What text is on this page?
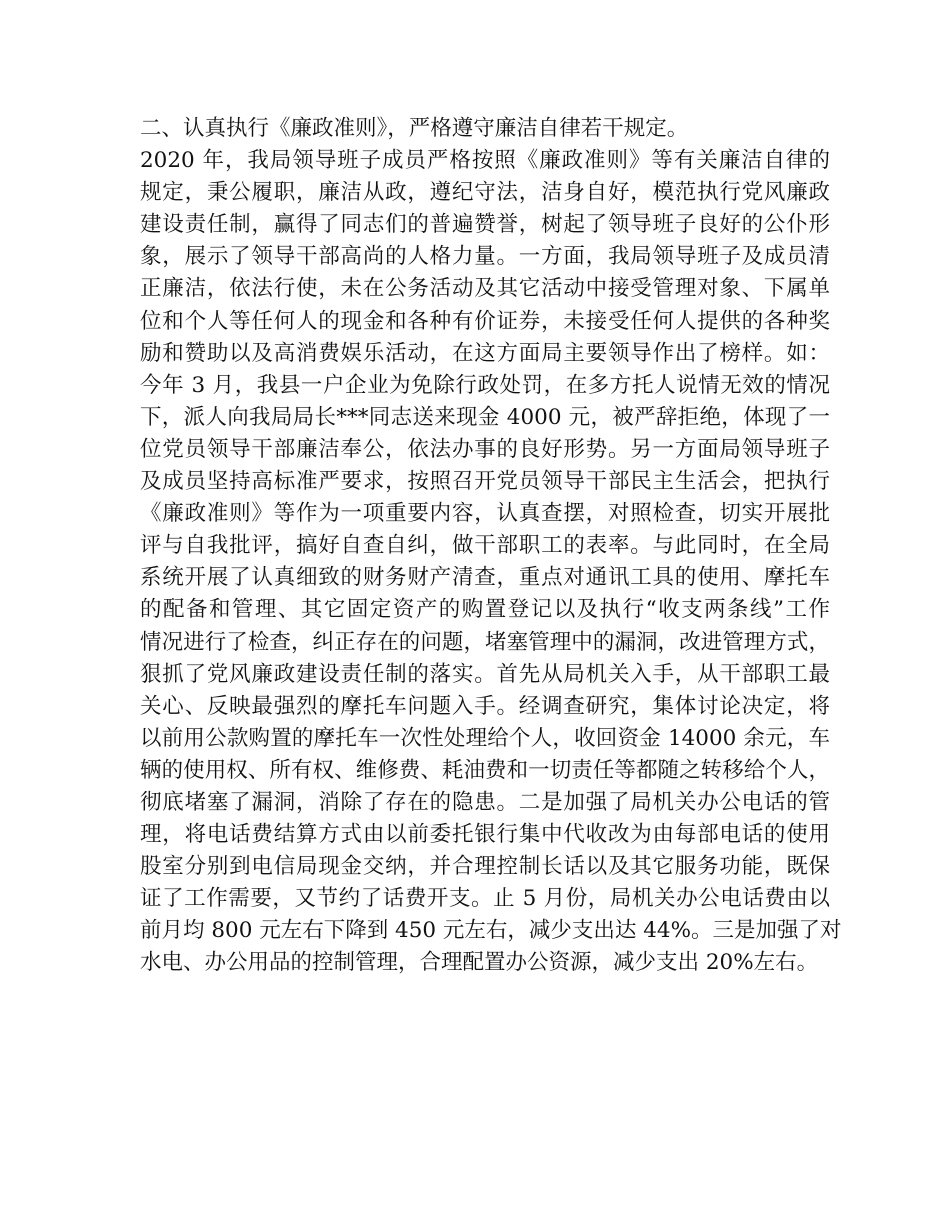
二、认真执行《廉政准则》，严格遵守廉洁自律若干规定。
2020 年，我局领导班子成员严格按照《廉政准则》等有关廉洁自律的
规定，秉公履职，廉洁从政，遵纪守法，洁身自好，模范执行党风廉政
建设责任制，赢得了同志们的普遍赞誉，树起了领导班子良好的公仆形
象，展示了领导干部高尚的人格力量。一方面，我局领导班子及成员清
正廉洁，依法行使，未在公务活动及其它活动中接受管理对象、下属单
位和个人等任何人的现金和各种有价证券，未接受任何人提供的各种奖
励和赞助以及高消费娱乐活动，在这方面局主要领导作出了榜样。如：
今年 3 月，我县一户企业为免除行政处罚，在多方托人说情无效的情况
下，派人向我局局长***同志送来现金 4000 元，被严辞拒绝，体现了一
位党员领导干部廉洁奉公，依法办事的良好形势。另一方面局领导班子
及成员坚持高标准严要求，按照召开党员领导干部民主生活会，把执行
《廉政准则》等作为一项重要内容，认真查摆，对照检查，切实开展批
评与自我批评，搞好自查自纠，做干部职工的表率。与此同时，在全局
系统开展了认真细致的财务财产清查，重点对通讯工具的使用、摩托车
的配备和管理、其它固定资产的购置登记以及执行“收支两条线”工作
情况进行了检查，纠正存在的问题，堵塞管理中的漏洞，改进管理方式，
狠抓了党风廉政建设责任制的落实。首先从局机关入手，从干部职工最
关心、反映最强烈的摩托车问题入手。经调查研究，集体讨论决定，将
以前用公款购置的摩托车一次性处理给个人，收回资金 14000 余元，车
辆的使用权、所有权、维修费、耗油费和一切责任等都随之转移给个人，
彻底堵塞了漏洞，消除了存在的隐患。二是加强了局机关办公电话的管
理，将电话费结算方式由以前委托银行集中代收改为由每部电话的使用
股室分别到电信局现金交纳，并合理控制长话以及其它服务功能，既保
证了工作需要，又节约了话费开支。止 5 月份，局机关办公电话费由以
前月均 800 元左右下降到 450 元左右，减少支出达 44%。三是加强了对
水电、办公用品的控制管理，合理配置办公资源，减少支出 20%左右。
